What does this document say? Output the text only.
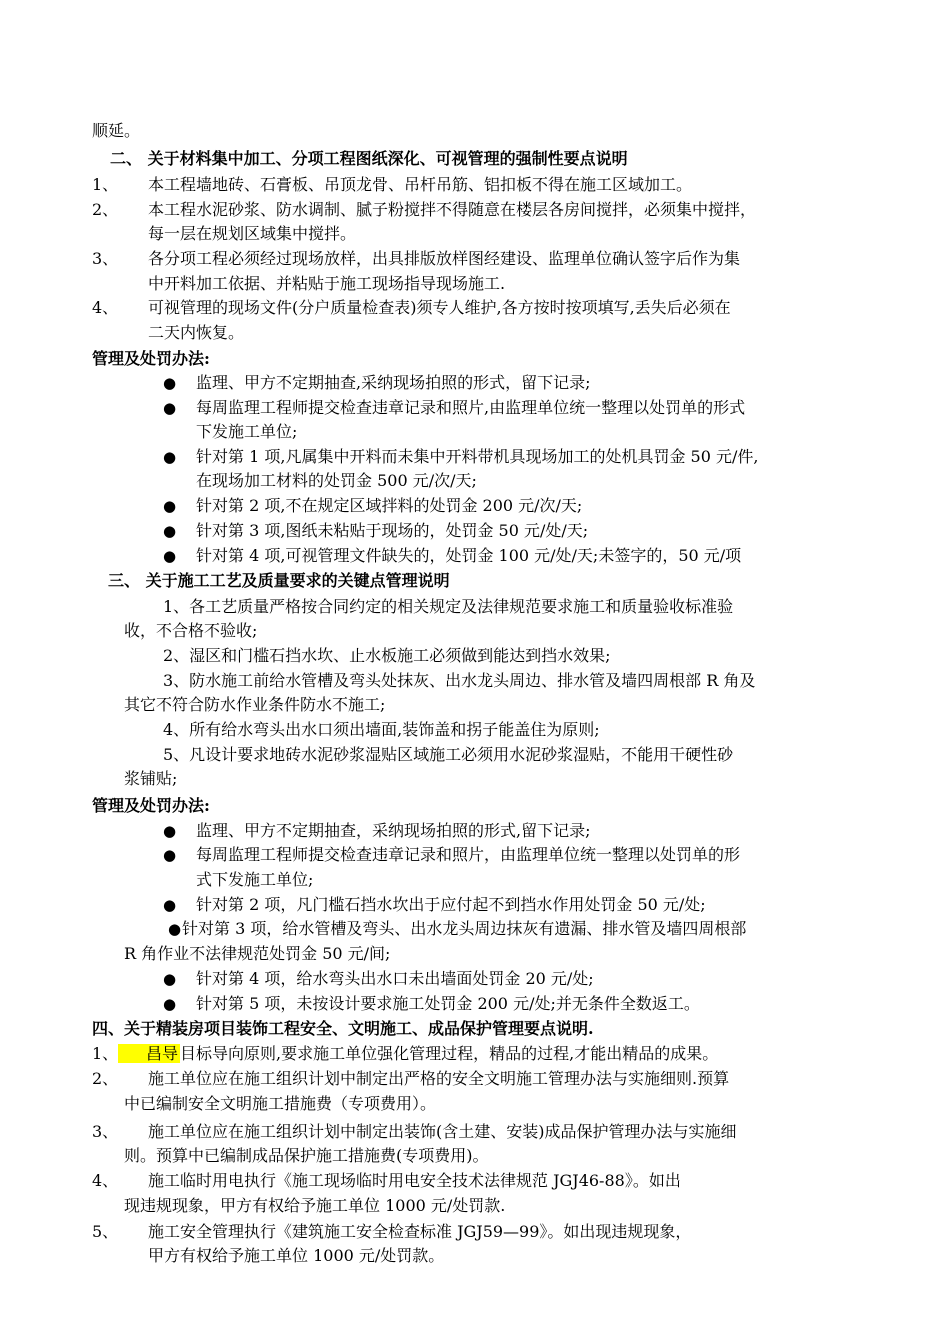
顺延。
二、 关于材料集中加工、分项工程图纸深化、可视管理的强制性要点说明
1、 本工程墙地砖、石膏板、吊顶龙骨、吊杆吊筋、铝扣板不得在施工区域加工。
2、 本工程水泥砂浆、防水调制、腻子粉搅拌不得随意在楼层各房间搅拌，必须集中搅拌，
每一层在规划区域集中搅拌。
3、 各分项工程必须经过现场放样，出具排版放样图经建设、监理单位确认签字后作为集
中开料加工依据、并粘贴于施工现场指导现场施工.
4、 可视管理的现场文件(分户质量检查表)须专人维护,各方按时按项填写,丢失后必须在
二天内恢复。
管理及处罚办法:
● 监理、甲方不定期抽查,采纳现场拍照的形式，留下记录;
● 每周监理工程师提交检查违章记录和照片,由监理单位统一整理以处罚单的形式
下发施工单位;
● 针对第 1 项,凡属集中开料而未集中开料带机具现场加工的处机具罚金 50 元/件,
在现场加工材料的处罚金 500 元/次/天;
● 针对第 2 项,不在规定区域拌料的处罚金 200 元/次/天;
● 针对第 3 项,图纸未粘贴于现场的，处罚金 50 元/处/天;
● 针对第 4 项,可视管理文件缺失的，处罚金 100 元/处/天;未签字的，50 元/项
三、 关于施工工艺及质量要求的关键点管理说明
1、各工艺质量严格按合同约定的相关规定及法律规范要求施工和质量验收标准验
收，不合格不验收;
2、湿区和门槛石挡水坎、止水板施工必须做到能达到挡水效果;
3、防水施工前给水管槽及弯头处抹灰、出水龙头周边、排水管及墙四周根部 R 角及
其它不符合防水作业条件防水不施工;
4、所有给水弯头出水口须出墙面,装饰盖和拐子能盖住为原则;
5、凡设计要求地砖水泥砂浆湿贴区域施工必须用水泥砂浆湿贴，不能用干硬性砂
浆铺贴;
管理及处罚办法:
● 监理、甲方不定期抽查，采纳现场拍照的形式,留下记录;
● 每周监理工程师提交检查违章记录和照片，由监理单位统一整理以处罚单的形
式下发施工单位;
● 针对第 2 项，凡门槛石挡水坎出于应付起不到挡水作用处罚金 50 元/处;
● 针对第 3 项，给水管槽及弯头、出水龙头周边抹灰有遗漏、排水管及墙四周根部
R 角作业不法律规范处罚金 50 元/间;
● 针对第 4 项，给水弯头出水口未出墙面处罚金 20 元/处;
● 针对第 5 项，未按设计要求施工处罚金 200 元/处;并无条件全数返工。
四、关于精装房项目装饰工程安全、文明施工、成品保护管理要点说明.
1、	昌导 目标导向原则,要求施工单位强化管理过程，精品的过程,才能出精品的成果。
2、 施工单位应在施工组织计划中制定出严格的安全文明施工管理办法与实施细则.预算
中已编制安全文明施工措施费（专项费用）。
3、 施工单位应在施工组织计划中制定出装饰(含土建、安装)成品保护管理办法与实施细
则。预算中已编制成品保护施工措施费(专项费用)。
4、 施工临时用电执行《施工现场临时用电安全技术法律规范 JGJ46-88》。如出
现违规现象，甲方有权给予施工单位 1000 元/处罚款.
5、 施工安全管理执行《建筑施工安全检查标准 JGJ59—99》。如出现违规现象，
甲方有权给予施工单位 1000 元/处罚款。
